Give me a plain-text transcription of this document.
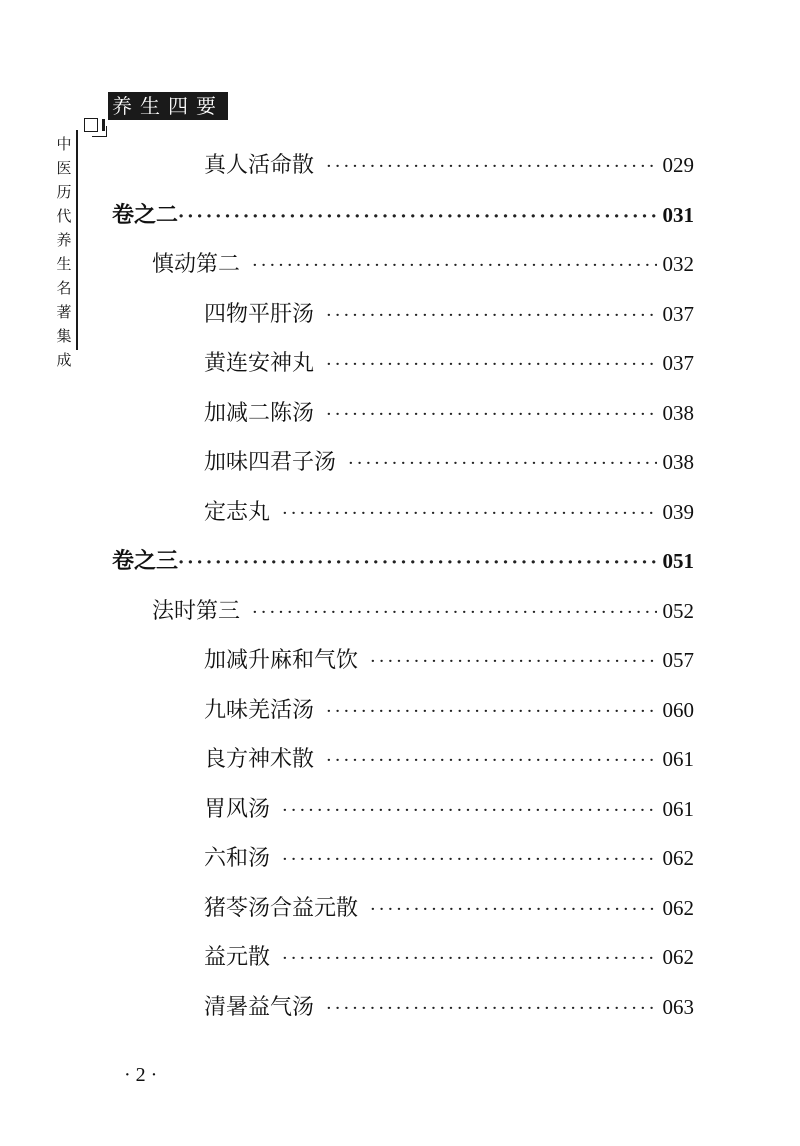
养生四要
中
医
历
代
养
生
名
著
集
成
真人活命散 ·····	029
卷之二 ·····	031
慎动第二 ·····	032
四物平肝汤 ·····	037
黄连安神丸 ·····	037
加减二陈汤 ·····	038
加味四君子汤 ·····	038
定志丸 ·····	039
卷之三 ·····	051
法时第三 ·····	052
加减升麻和气饮 ·····	057
九味羌活汤 ·····	060
良方神术散 ·····	061
胃风汤 ·····	061
六和汤 ·····	062
猪苓汤合益元散 ·····	062
益元散 ·····	062
清暑益气汤 ·····	063
· 2 ·
